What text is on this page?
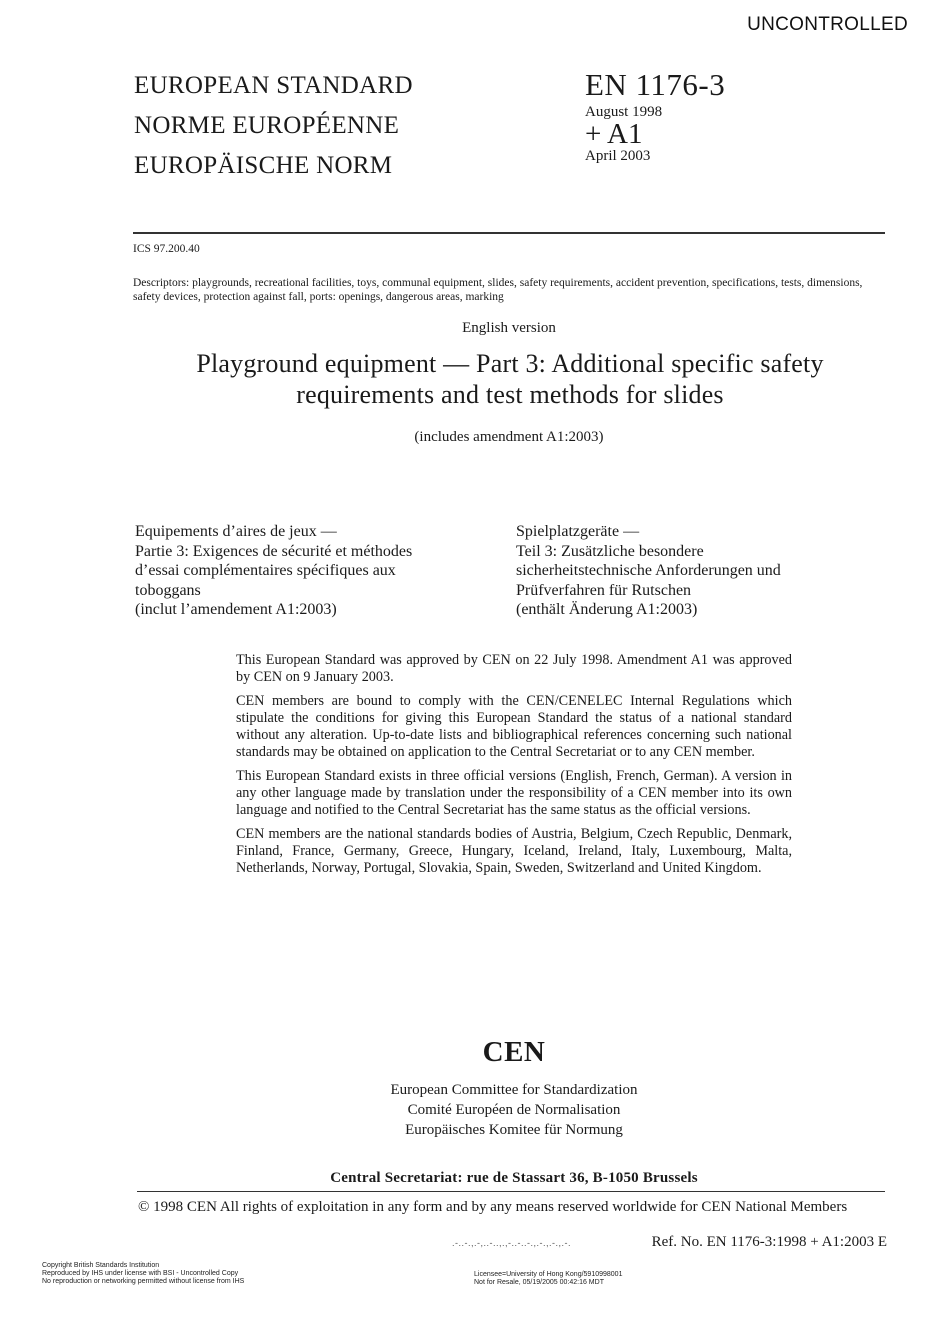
UNCONTROLLED
EUROPEAN STANDARD
NORME EUROPÉENNE
EUROPÄISCHE NORM
EN 1176-3
August 1998
+ A1
April 2003
ICS 97.200.40
Descriptors: playgrounds, recreational facilities, toys, communal equipment, slides, safety requirements, accident prevention, specifications, tests, dimensions, safety devices, protection against fall, ports: openings, dangerous areas, marking
English version
Playground equipment — Part 3: Additional specific safety
requirements and test methods for slides
(includes amendment A1:2003)
Equipements d’aires de jeux —
Partie 3: Exigences de sécurité et méthodes
d’essai complémentaires spécifiques aux
toboggans
(inclut l’amendement A1:2003)
Spielplatzgeräte —
Teil 3: Zusätzliche besondere
sicherheitstechnische Anforderungen und
Prüfverfahren für Rutschen
(enthält Änderung A1:2003)

This European Standard was approved by CEN on 22 July 1998. Amendment A1 was approved by CEN on 9 January 2003.

CEN members are bound to comply with the CEN/CENELEC Internal Regulations which stipulate the conditions for giving this European Standard the status of a national standard without any alteration. Up-to-date lists and bibliographical references concerning such national standards may be obtained on application to the Central Secretariat or to any CEN member.

This European Standard exists in three official versions (English, French, German). A version in any other language made by translation under the responsibility of a CEN member into its own language and notified to the Central Secretariat has the same status as the official versions.

CEN members are the national standards bodies of Austria, Belgium, Czech Republic, Denmark, Finland, France, Germany, Greece, Hungary, Iceland, Ireland, Italy, Luxembourg, Malta, Netherlands, Norway, Portugal, Slovakia, Spain, Sweden, Switzerland and United Kingdom.

CEN
European Committee for Standardization
Comité Européen de Normalisation
Europäisches Komitee für Normung
Central Secretariat: rue de Stassart 36, B-1050 Brussels
© 1998 CEN All rights of exploitation in any form and by any means reserved worldwide for CEN National Members
.-..-.,.-,..-..,.,-..-..-.,.-.,.-.,.-.	Ref. No. EN 1176-3:1998 + A1:2003 E
Copyright British Standards Institution
Reproduced by IHS under license with BSI - Uncontrolled Copy
No reproduction or networking permitted without license from IHS
Licensee=University of Hong Kong/5910998001
Not for Resale, 05/19/2005 00:42:16 MDT
